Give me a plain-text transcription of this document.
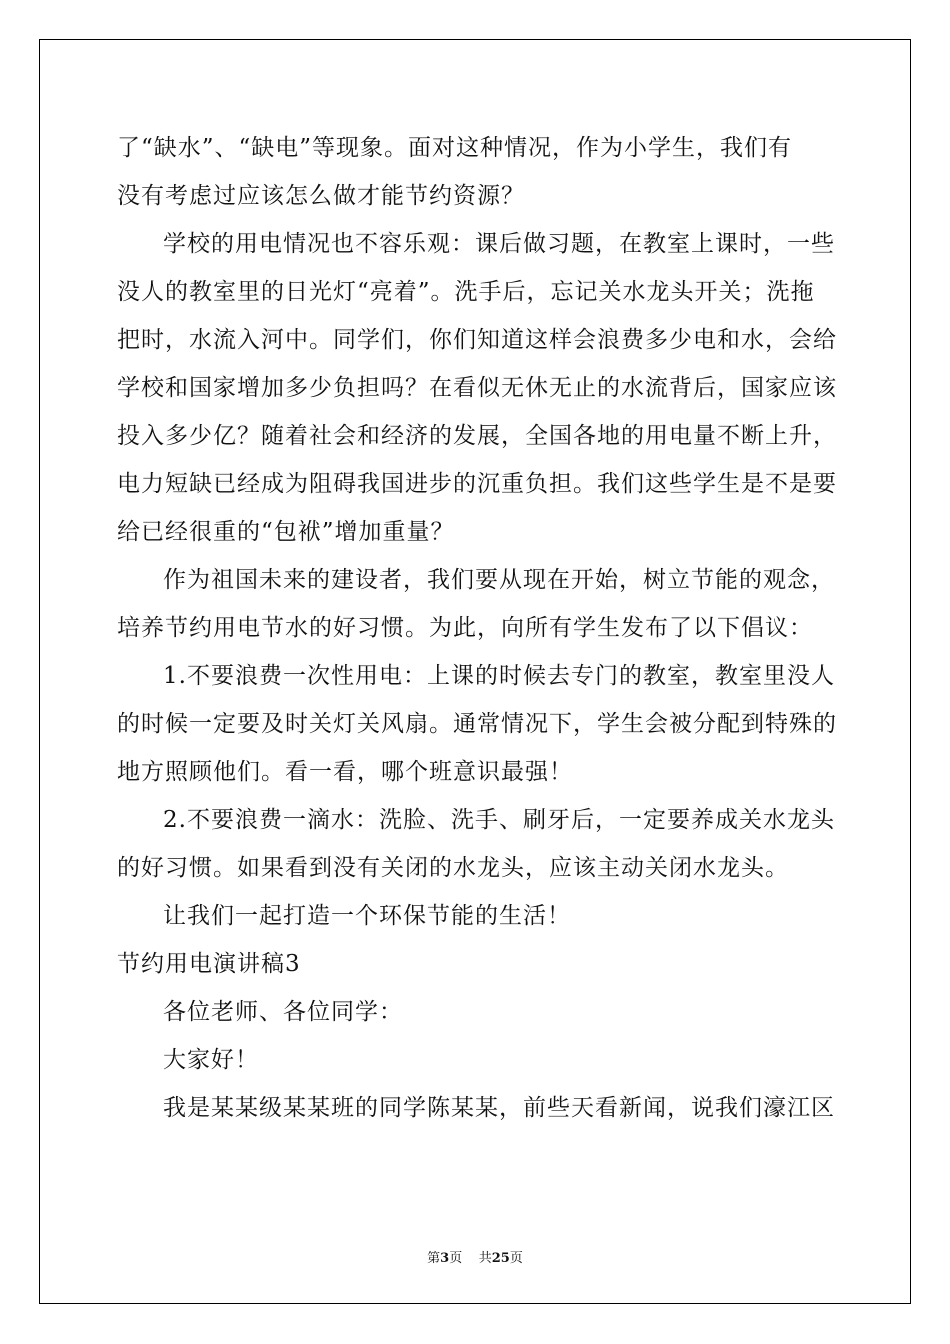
了“缺水”、“缺电”等现象。面对这种情况，作为小学生，我们有
没有考虑过应该怎么做才能节约资源？
学校的用电情况也不容乐观：课后做习题，在教室上课时，一些
没人的教室里的日光灯“亮着”。洗手后，忘记关水龙头开关；洗拖
把时，水流入河中。同学们，你们知道这样会浪费多少电和水，会给
学校和国家增加多少负担吗？在看似无休无止的水流背后，国家应该
投入多少亿？随着社会和经济的发展，全国各地的用电量不断上升，
电力短缺已经成为阻碍我国进步的沉重负担。我们这些学生是不是要
给已经很重的“包袱”增加重量？
作为祖国未来的建设者，我们要从现在开始，树立节能的观念，
培养节约用电节水的好习惯。为此，向所有学生发布了以下倡议：
1.不要浪费一次性用电：上课的时候去专门的教室，教室里没人
的时候一定要及时关灯关风扇。通常情况下，学生会被分配到特殊的
地方照顾他们。看一看，哪个班意识最强！
2.不要浪费一滴水：洗脸、洗手、刷牙后，一定要养成关水龙头
的好习惯。如果看到没有关闭的水龙头，应该主动关闭水龙头。
让我们一起打造一个环保节能的生活！
节约用电演讲稿3
各位老师、各位同学：
大家好！
我是某某级某某班的同学陈某某，前些天看新闻，说我们濠江区
第3页 共25页
